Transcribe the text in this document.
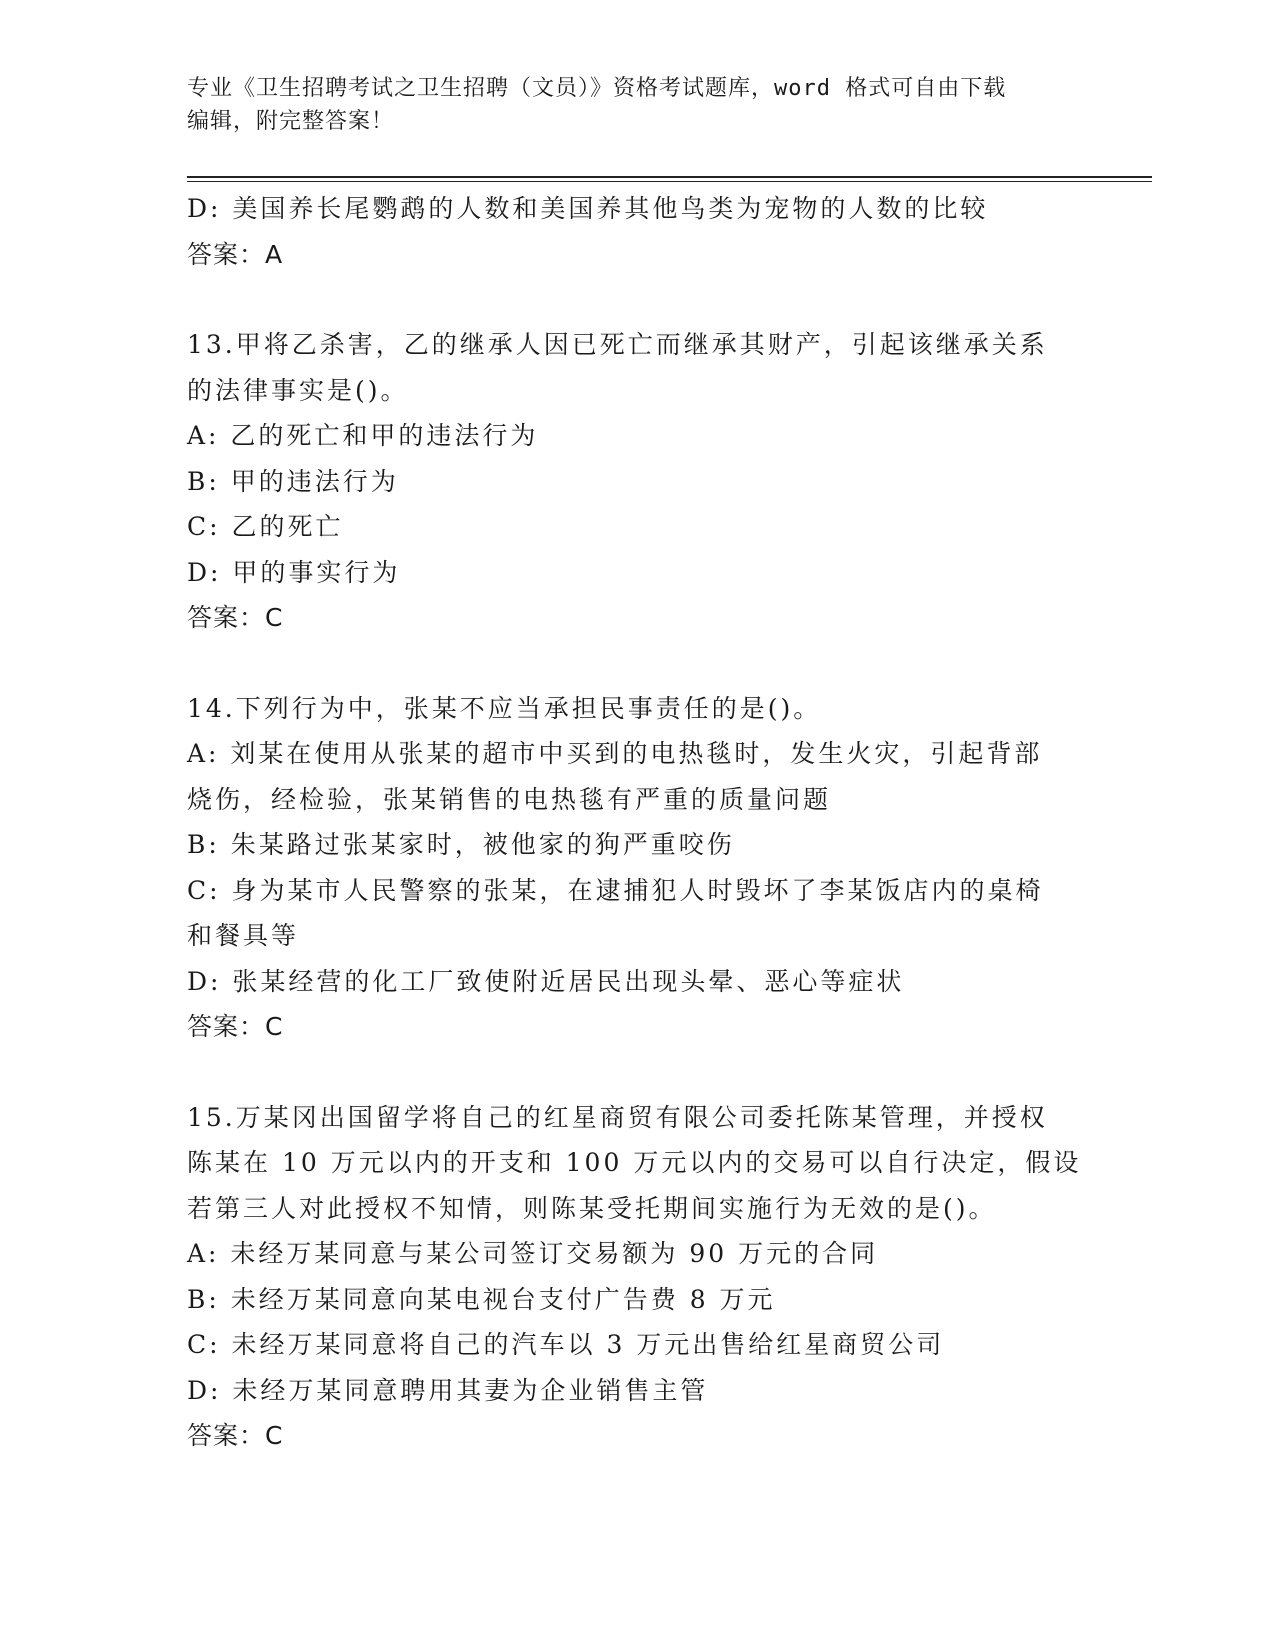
专业《卫生招聘考试之卫生招聘（文员）》资格考试题库，word 格式可自由下载
编辑，附完整答案！
D: 美国养长尾鹦鹉的人数和美国养其他鸟类为宠物的人数的比较
答案：A
13.甲将乙杀害，乙的继承人因已死亡而继承其财产，引起该继承关系
的法律事实是()。
A: 乙的死亡和甲的违法行为
B: 甲的违法行为
C: 乙的死亡
D: 甲的事实行为
答案：C
14.下列行为中，张某不应当承担民事责任的是()。
A: 刘某在使用从张某的超市中买到的电热毯时，发生火灾，引起背部
烧伤，经检验，张某销售的电热毯有严重的质量问题
B: 朱某路过张某家时，被他家的狗严重咬伤
C: 身为某市人民警察的张某，在逮捕犯人时毁坏了李某饭店内的桌椅
和餐具等
D: 张某经营的化工厂致使附近居民出现头晕、恶心等症状
答案：C
15.万某冈出国留学将自己的红星商贸有限公司委托陈某管理，并授权
陈某在 10 万元以内的开支和 100 万元以内的交易可以自行决定，假设
若第三人对此授权不知情，则陈某受托期间实施行为无效的是()。
A: 未经万某同意与某公司签订交易额为 90 万元的合同
B: 未经万某同意向某电视台支付广告费 8 万元
C: 未经万某同意将自己的汽车以 3 万元出售给红星商贸公司
D: 未经万某同意聘用其妻为企业销售主管
答案：C
